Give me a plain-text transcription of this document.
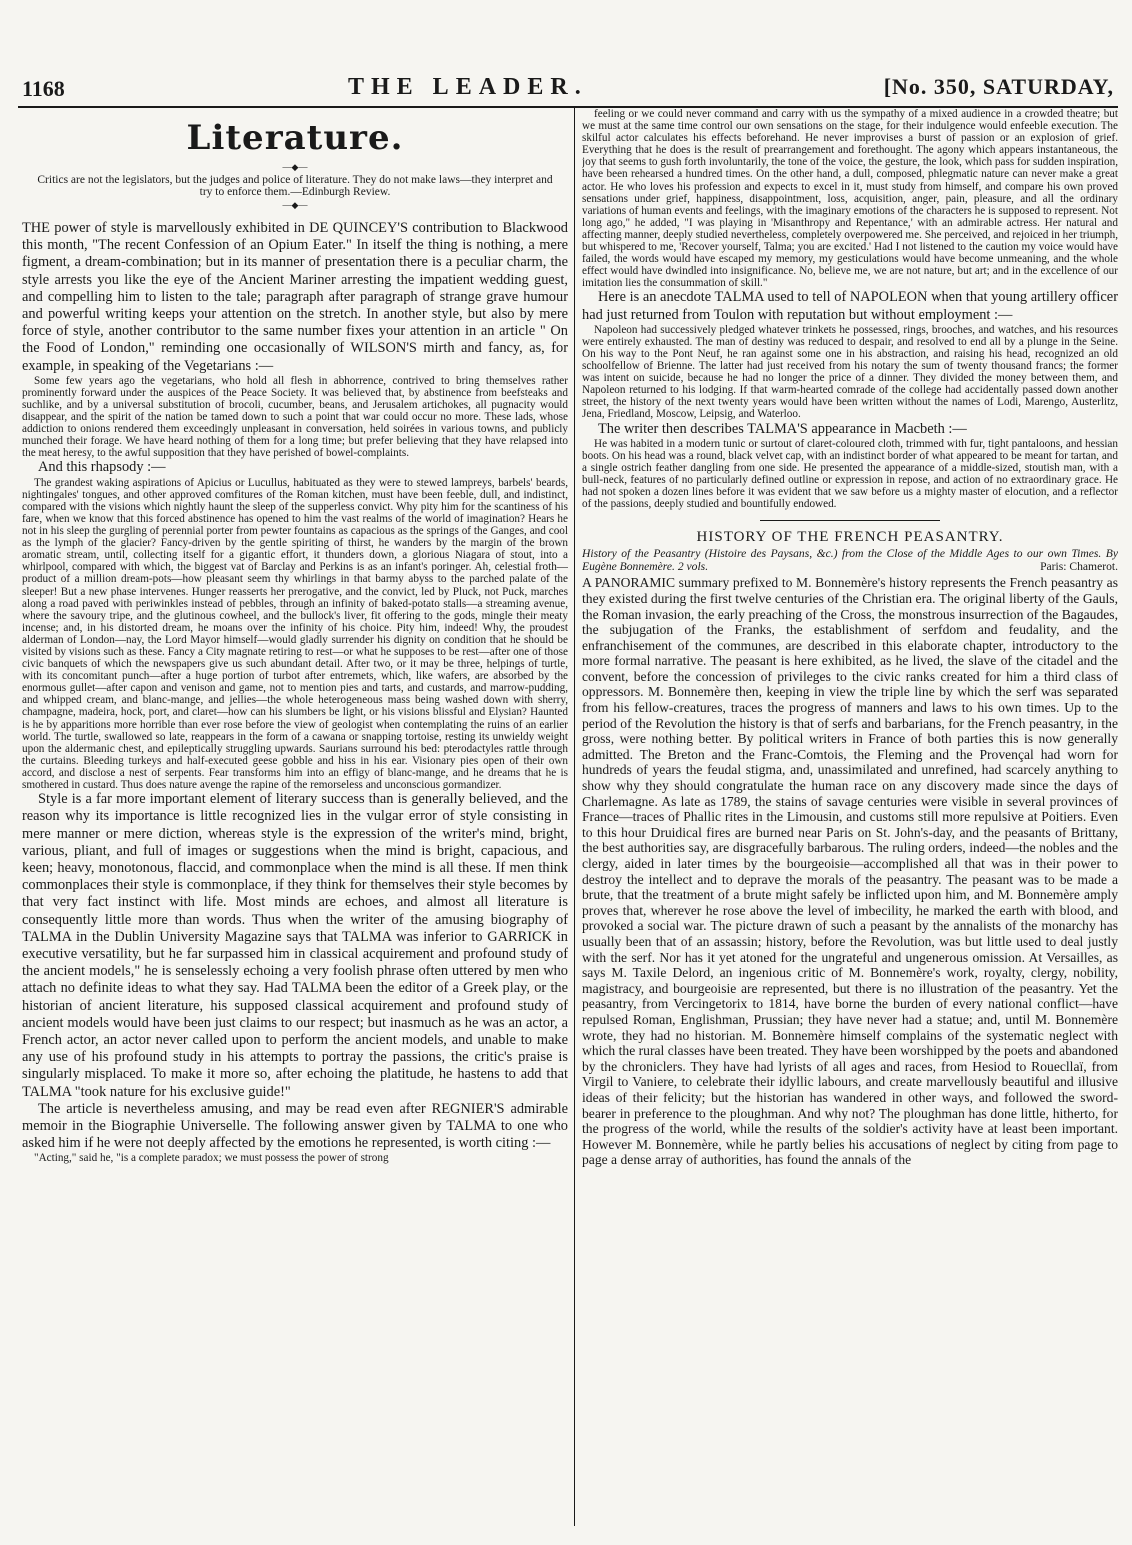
1168	THE LEADER.	[No. 350, SATURDAY,
Literature.
—◆—
Critics are not the legislators, but the judges and police of literature. They do not make laws—they interpret and try to enforce them.—Edinburgh Review.
—◆—

THE power of style is marvellously exhibited in DE QUINCEY'S contribution to Blackwood this month, "The recent Confession of an Opium Eater." In itself the thing is nothing, a mere figment, a dream-combination; but in its manner of presentation there is a peculiar charm, the style arrests you like the eye of the Ancient Mariner arresting the impatient wedding guest, and compelling him to listen to the tale; paragraph after paragraph of strange grave humour and powerful writing keeps your attention on the stretch. In another style, but also by mere force of style, another contributor to the same number fixes your attention in an article " On the Food of London," reminding one occasionally of WILSON'S mirth and fancy, as, for example, in speaking of the Vegetarians :—

Some few years ago the vegetarians, who hold all flesh in abhorrence, contrived to bring themselves rather prominently forward under the auspices of the Peace Society. It was believed that, by abstinence from beefsteaks and suchlike, and by a universal substitution of brocoli, cucumber, beans, and Jerusalem artichokes, all pugnacity would disappear, and the spirit of the nation be tamed down to such a point that war could occur no more. These lads, whose addiction to onions rendered them exceedingly unpleasant in conversation, held soirées in various towns, and publicly munched their forage. We have heard nothing of them for a long time; but prefer believing that they have relapsed into the meat heresy, to the awful supposition that they have perished of bowel-complaints.

And this rhapsody :—

The grandest waking aspirations of Apicius or Lucullus, habituated as they were to stewed lampreys, barbels' beards, nightingales' tongues, and other approved comfitures of the Roman kitchen, must have been feeble, dull, and indistinct, compared with the visions which nightly haunt the sleep of the supperless convict. Why pity him for the scantiness of his fare, when we know that this forced abstinence has opened to him the vast realms of the world of imagination? Hears he not in his sleep the gurgling of perennial porter from pewter fountains as capacious as the springs of the Ganges, and cool as the lymph of the glacier? Fancy-driven by the gentle spiriting of thirst, he wanders by the margin of the brown aromatic stream, until, collecting itself for a gigantic effort, it thunders down, a glorious Niagara of stout, into a whirlpool, compared with which, the biggest vat of Barclay and Perkins is as an infant's poringer. Ah, celestial froth—product of a million dream-pots—how pleasant seem thy whirlings in that barmy abyss to the parched palate of the sleeper! But a new phase intervenes. Hunger reasserts her prerogative, and the convict, led by Pluck, not Puck, marches along a road paved with periwinkles instead of pebbles, through an infinity of baked-potato stalls—a streaming avenue, where the savoury tripe, and the glutinous cowheel, and the bullock's liver, fit offering to the gods, mingle their meaty incense; and, in his distorted dream, he moans over the infinity of his choice. Pity him, indeed! Why, the proudest alderman of London—nay, the Lord Mayor himself—would gladly surrender his dignity on condition that he should be visited by visions such as these. Fancy a City magnate retiring to rest—or what he supposes to be rest—after one of those civic banquets of which the newspapers give us such abundant detail. After two, or it may be three, helpings of turtle, with its concomitant punch—after a huge portion of turbot after entremets, which, like wafers, are absorbed by the enormous gullet—after capon and venison and game, not to mention pies and tarts, and custards, and marrow-pudding, and whipped cream, and blanc-mange, and jellies—the whole heterogeneous mass being washed down with sherry, champagne, madeira, hock, port, and claret—how can his slumbers be light, or his visions blissful and Elysian? Haunted is he by apparitions more horrible than ever rose before the view of geologist when contemplating the ruins of an earlier world. The turtle, swallowed so late, reappears in the form of a cawana or snapping tortoise, resting its unwieldy weight upon the aldermanic chest, and epileptically struggling upwards. Saurians surround his bed: pterodactyles rattle through the curtains. Bleeding turkeys and half-executed geese gobble and hiss in his ear. Visionary pies open of their own accord, and disclose a nest of serpents. Fear transforms him into an effigy of blanc-mange, and he dreams that he is smothered in custard. Thus does nature avenge the rapine of the remorseless and unconscious gormandizer.

Style is a far more important element of literary success than is generally believed, and the reason why its importance is little recognized lies in the vulgar error of style consisting in mere manner or mere diction, whereas style is the expression of the writer's mind, bright, various, pliant, and full of images or suggestions when the mind is bright, capacious, and keen; heavy, monotonous, flaccid, and commonplace when the mind is all these. If men think commonplaces their style is commonplace, if they think for themselves their style becomes by that very fact instinct with life. Most minds are echoes, and almost all literature is consequently little more than words. Thus when the writer of the amusing biography of TALMA in the Dublin University Magazine says that TALMA was inferior to GARRICK in executive versatility, but he far surpassed him in classical acquirement and profound study of the ancient models," he is senselessly echoing a very foolish phrase often uttered by men who attach no definite ideas to what they say. Had TALMA been the editor of a Greek play, or the historian of ancient literature, his supposed classical acquirement and profound study of ancient models would have been just claims to our respect; but inasmuch as he was an actor, a French actor, an actor never called upon to perform the ancient models, and unable to make any use of his profound study in his attempts to portray the passions, the critic's praise is singularly misplaced. To make it more so, after echoing the platitude, he hastens to add that TALMA "took nature for his exclusive guide!"

The article is nevertheless amusing, and may be read even after REGNIER'S admirable memoir in the Biographie Universelle. The following answer given by TALMA to one who asked him if he were not deeply affected by the emotions he represented, is worth citing :—

"Acting," said he, "is a complete paradox; we must possess the power of strong

feeling or we could never command and carry with us the sympathy of a mixed audience in a crowded theatre; but we must at the same time control our own sensations on the stage, for their indulgence would enfeeble execution. The skilful actor calculates his effects beforehand. He never improvises a burst of passion or an explosion of grief. Everything that he does is the result of prearrangement and forethought. The agony which appears instantaneous, the joy that seems to gush forth involuntarily, the tone of the voice, the gesture, the look, which pass for sudden inspiration, have been rehearsed a hundred times. On the other hand, a dull, composed, phlegmatic nature can never make a great actor. He who loves his profession and expects to excel in it, must study from himself, and compare his own proved sensations under grief, happiness, disappointment, loss, acquisition, anger, pain, pleasure, and all the ordinary variations of human events and feelings, with the imaginary emotions of the characters he is supposed to represent. Not long ago," he added, "I was playing in 'Misanthropy and Repentance,' with an admirable actress. Her natural and affecting manner, deeply studied nevertheless, completely overpowered me. She perceived, and rejoiced in her triumph, but whispered to me, 'Recover yourself, Talma; you are excited.' Had I not listened to the caution my voice would have failed, the words would have escaped my memory, my gesticulations would have become unmeaning, and the whole effect would have dwindled into insignificance. No, believe me, we are not nature, but art; and in the excellence of our imitation lies the consummation of skill."

Here is an anecdote TALMA used to tell of NAPOLEON when that young artillery officer had just returned from Toulon with reputation but without employment :—

Napoleon had successively pledged whatever trinkets he possessed, rings, brooches, and watches, and his resources were entirely exhausted. The man of destiny was reduced to despair, and resolved to end all by a plunge in the Seine. On his way to the Pont Neuf, he ran against some one in his abstraction, and raising his head, recognized an old schoolfellow of Brienne. The latter had just received from his notary the sum of twenty thousand francs; the former was intent on suicide, because he had no longer the price of a dinner. They divided the money between them, and Napoleon returned to his lodging. If that warm-hearted comrade of the college had accidentally passed down another street, the history of the next twenty years would have been written without the names of Lodi, Marengo, Austerlitz, Jena, Friedland, Moscow, Leipsig, and Waterloo.

The writer then describes TALMA'S appearance in Macbeth :—

He was habited in a modern tunic or surtout of claret-coloured cloth, trimmed with fur, tight pantaloons, and hessian boots. On his head was a round, black velvet cap, with an indistinct border of what appeared to be meant for tartan, and a single ostrich feather dangling from one side. He presented the appearance of a middle-sized, stoutish man, with a bull-neck, features of no particularly defined outline or expression in repose, and action of no extraordinary grace. He had not spoken a dozen lines before it was evident that we saw before us a mighty master of elocution, and a reflector of the passions, deeply studied and bountifully endowed.

HISTORY OF THE FRENCH PEASANTRY.

History of the Peasantry (Histoire des Paysans, &c.) from the Close of the Middle Ages to our own Times. By Eugène Bonnemère. 2 vols.	Paris: Chamerot.

A PANORAMIC summary prefixed to M. Bonnemère's history represents the French peasantry as they existed during the first twelve centuries of the Christian era. The original liberty of the Gauls, the Roman invasion, the early preaching of the Cross, the monstrous insurrection of the Bagaudes, the subjugation of the Franks, the establishment of serfdom and feudality, and the enfranchisement of the communes, are described in this elaborate chapter, introductory to the more formal narrative. The peasant is here exhibited, as he lived, the slave of the citadel and the convent, before the concession of privileges to the civic ranks created for him a third class of oppressors. M. Bonnemère then, keeping in view the triple line by which the serf was separated from his fellow-creatures, traces the progress of manners and laws to his own times. Up to the period of the Revolution the history is that of serfs and barbarians, for the French peasantry, in the gross, were nothing better. By political writers in France of both parties this is now generally admitted. The Breton and the Franc-Comtois, the Fleming and the Provençal had worn for hundreds of years the feudal stigma, and, unassimilated and unrefined, had scarcely anything to show why they should congratulate the human race on any discovery made since the days of Charlemagne. As late as 1789, the stains of savage centuries were visible in several provinces of France—traces of Phallic rites in the Limousin, and customs still more repulsive at Poitiers. Even to this hour Druidical fires are burned near Paris on St. John's-day, and the peasants of Brittany, the best authorities say, are disgracefully barbarous. The ruling orders, indeed—the nobles and the clergy, aided in later times by the bourgeoisie—accomplished all that was in their power to destroy the intellect and to deprave the morals of the peasantry. The peasant was to be made a brute, that the treatment of a brute might safely be inflicted upon him, and M. Bonnemère amply proves that, wherever he rose above the level of imbecility, he marked the earth with blood, and provoked a social war. The picture drawn of such a peasant by the annalists of the monarchy has usually been that of an assassin; history, before the Revolution, was but little used to deal justly with the serf. Nor has it yet atoned for the ungrateful and ungenerous omission. At Versailles, as says M. Taxile Delord, an ingenious critic of M. Bonnemère's work, royalty, clergy, nobility, magistracy, and bourgeoisie are represented, but there is no illustration of the peasantry. Yet the peasantry, from Vercingetorix to 1814, have borne the burden of every national conflict—have repulsed Roman, Englishman, Prussian; they have never had a statue; and, until M. Bonnemère wrote, they had no historian. M. Bonnemère himself complains of the systematic neglect with which the rural classes have been treated. They have been worshipped by the poets and abandoned by the chroniclers. They have had lyrists of all ages and races, from Hesiod to Rouecllaï, from Virgil to Vaniere, to celebrate their idyllic labours, and create marvellously beautiful and illusive ideas of their felicity; but the historian has wandered in other ways, and followed the sword-bearer in preference to the ploughman. And why not? The ploughman has done little, hitherto, for the progress of the world, while the results of the soldier's activity have at least been important. However M. Bonnemère, while he partly belies his accusations of neglect by citing from page to page a dense array of authorities, has found the annals of the
